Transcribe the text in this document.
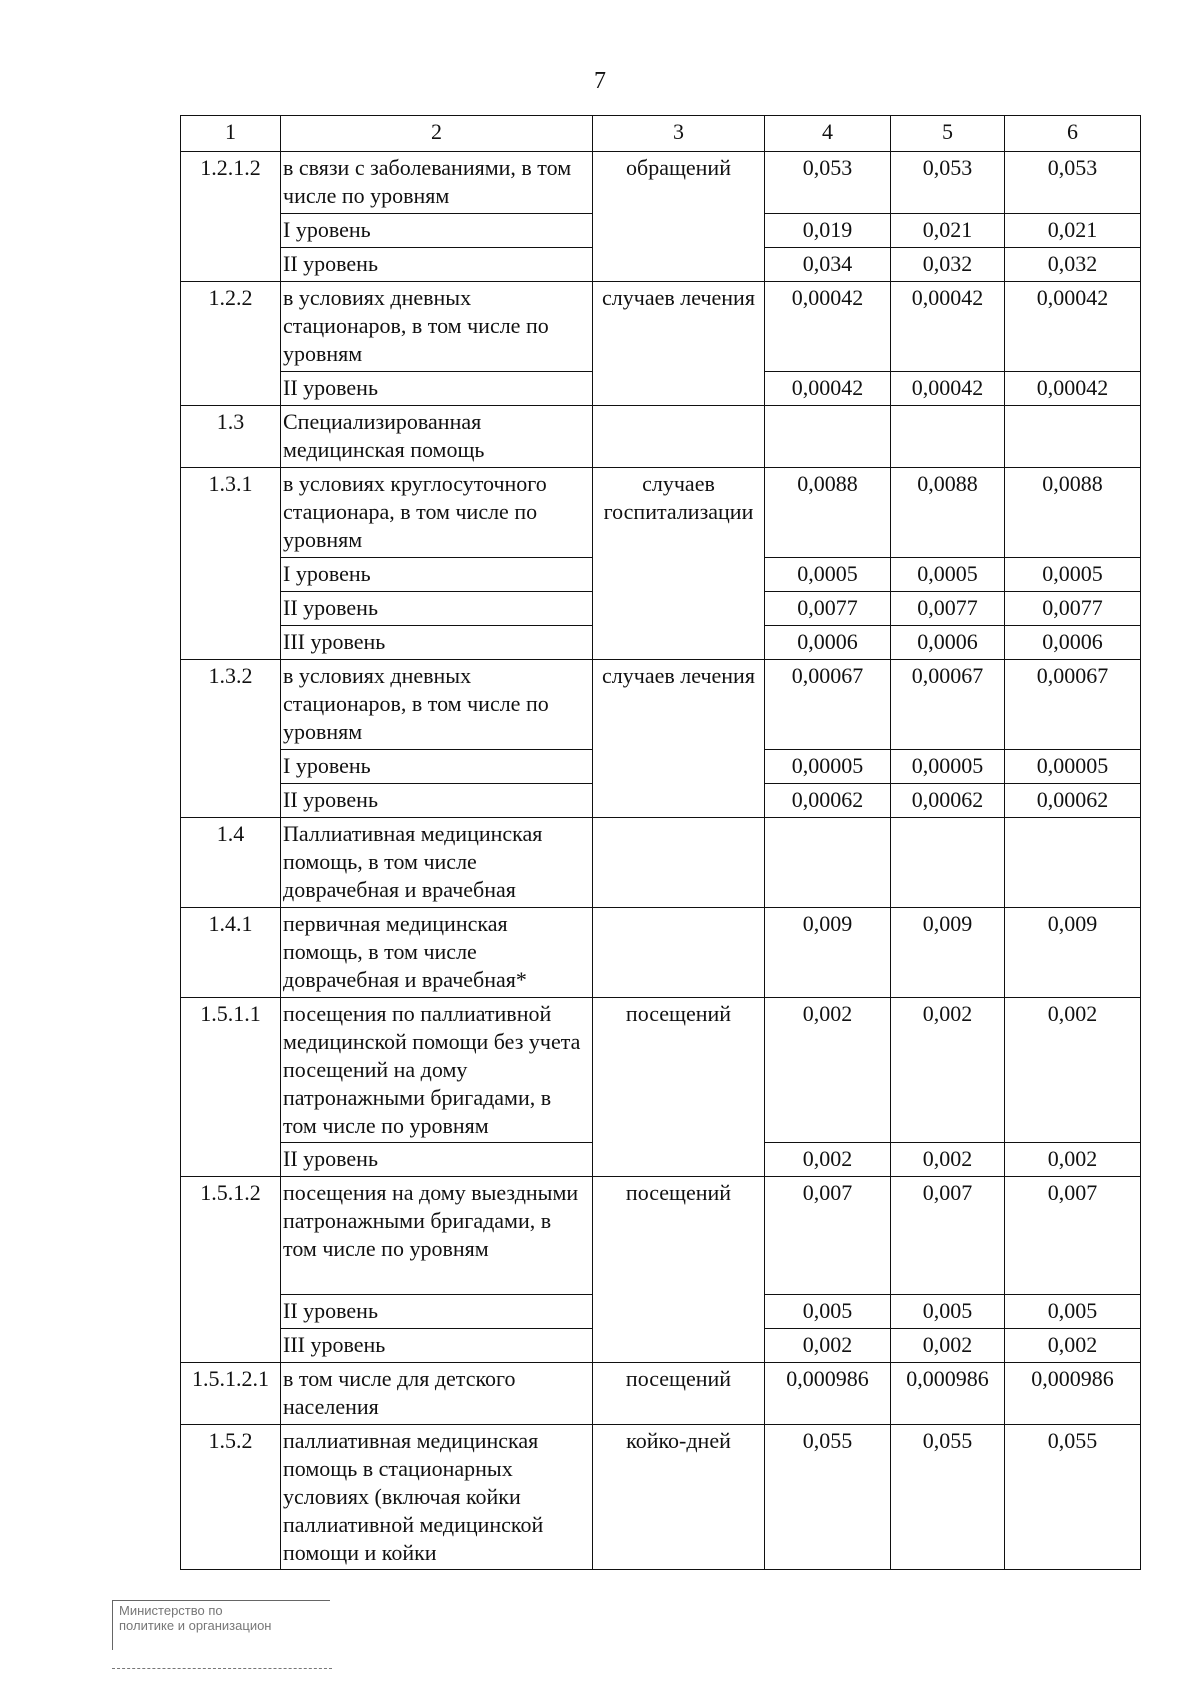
7
1	2	3	4	5	6
1.2.1.2	в связи с заболеваниями, в том числе по уровням	обращений	0,053	0,053	0,053
	I уровень		0,019	0,021	0,021
	II уровень		0,034	0,032	0,032
1.2.2	в условиях дневных стационаров, в том числе по уровням	случаев лечения	0,00042	0,00042	0,00042
	II уровень		0,00042	0,00042	0,00042
1.3	Специализированная медицинская помощь				
1.3.1	в условиях круглосуточного стационара, в том числе по уровням	случаев госпитализации	0,0088	0,0088	0,0088
	I уровень		0,0005	0,0005	0,0005
	II уровень		0,0077	0,0077	0,0077
	III уровень		0,0006	0,0006	0,0006
1.3.2	в условиях дневных стационаров, в том числе по уровням	случаев лечения	0,00067	0,00067	0,00067
	I уровень		0,00005	0,00005	0,00005
	II уровень		0,00062	0,00062	0,00062
1.4	Паллиативная медицинская помощь, в том числе доврачебная и врачебная				
1.4.1	первичная медицинская помощь, в том числе доврачебная и врачебная*		0,009	0,009	0,009
1.5.1.1	посещения по паллиативной медицинской помощи без учета посещений на дому патронажными бригадами, в том числе по уровням	посещений	0,002	0,002	0,002
	II уровень		0,002	0,002	0,002
1.5.1.2	посещения на дому выездными патронажными бригадами, в том числе по уровням	посещений	0,007	0,007	0,007
	II уровень		0,005	0,005	0,005
	III уровень		0,002	0,002	0,002
1.5.1.2.1	в том числе для детского населения	посещений	0,000986	0,000986	0,000986
1.5.2	паллиативная медицинская помощь в стационарных условиях (включая койки паллиативной медицинской помощи и койки	койко-дней	0,055	0,055	0,055
Министерство по
политике и организацион
